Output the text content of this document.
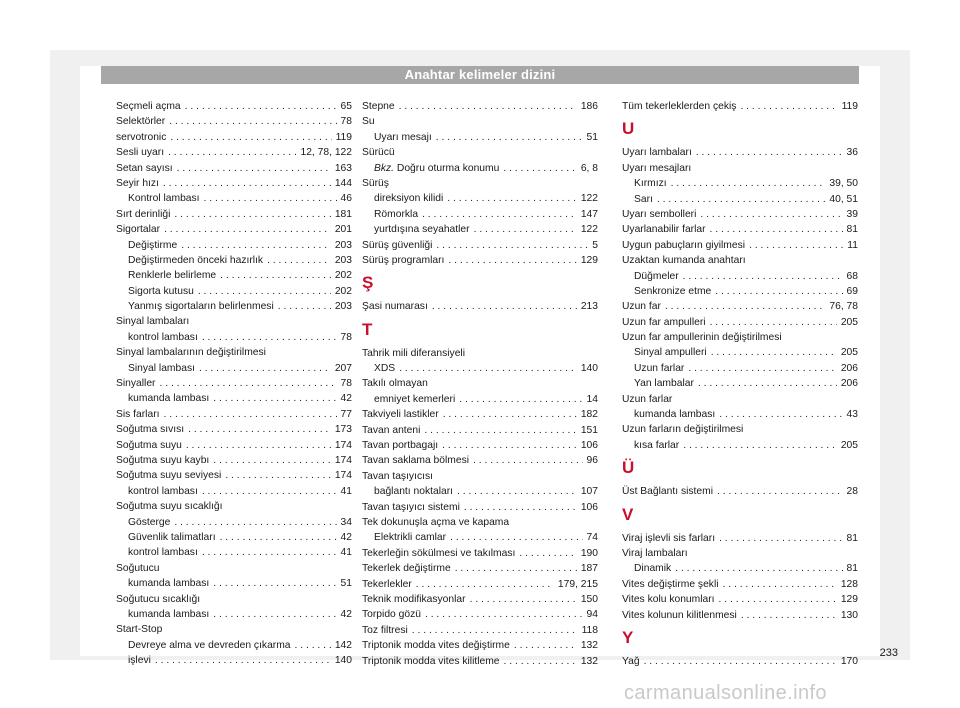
Anahtar kelimeler dizini
Seçmeli açma . . .	65
Selektörler . . .	78
servotronic . . .	119
Sesli uyarı . . .	12, 78, 122
Setan sayısı . . .	163
Seyir hızı . . .	144
Kontrol lambası . . .	46
Sırt derinliği . . .	181
Sigortalar . . .	201
Değiştirme . . .	203
Değiştirmeden önceki hazırlık . . .	203
Renklerle belirleme . . .	202
Sigorta kutusu . . .	202
Yanmış sigortaların belirlenmesi . . .	203
Sinyal lambaları
kontrol lambası . . .	78
Sinyal lambalarının değiştirilmesi
Sinyal lambası . . .	207
Sinyaller . . .	78
kumanda lambası . . .	42
Sis farları . . .	77
Soğutma sıvısı . . .	173
Soğutma suyu . . .	174
Soğutma suyu kaybı . . .	174
Soğutma suyu seviyesi . . .	174
kontrol lambası . . .	41
Soğutma suyu sıcaklığı
Gösterge . . .	34
Güvenlik talimatları . . .	42
kontrol lambası . . .	41
Soğutucu
kumanda lambası . . .	51
Soğutucu sıcaklığı
kumanda lambası . . .	42
Start-Stop
Devreye alma ve devreden çıkarma . . .	142
işlevi . . .	140
Stepne . . .	186
Su
Uyarı mesajı . . .	51
Sürücü
Bkz. Doğru oturma konumu . . .	6, 8
Sürüş
direksiyon kilidi . . .	122
Römorkla . . .	147
yurtdışına seyahatler . . .	122
Sürüş güvenliği . . .	5
Sürüş programları . . .	129
Ş
Şasi numarası . . .	213
T
Tahrik mili diferansiyeli
XDS . . .	140
Takılı olmayan
emniyet kemerleri . . .	14
Takviyeli lastikler . . .	182
Tavan anteni . . .	151
Tavan portbagajı . . .	106
Tavan saklama bölmesi . . .	96
Tavan taşıyıcısı
bağlantı noktaları . . .	107
Tavan taşıyıcı sistemi . . .	106
Tek dokunuşla açma ve kapama
Elektrikli camlar . . .	74
Tekerleğin sökülmesi ve takılması . . .	190
Tekerlek değiştirme . . .	187
Tekerlekler . . .	179, 215
Teknik modifikasyonlar . . .	150
Torpido gözü . . .	94
Toz filtresi . . .	118
Triptonik modda vites değiştirme . . .	132
Triptonik modda vites kilitleme . . .	132
Tüm tekerleklerden çekiş . . .	119
U
Uyarı lambaları . . .	36
Uyarı mesajları
Kırmızı . . .	39, 50
Sarı . . .	40, 51
Uyarı sembolleri . . .	39
Uyarlanabilir farlar . . .	81
Uygun pabuçların giyilmesi . . .	11
Uzaktan kumanda anahtarı
Düğmeler . . .	68
Senkronize etme . . .	69
Uzun far . . .	76, 78
Uzun far ampulleri . . .	205
Uzun far ampullerinin değiştirilmesi
Sinyal ampulleri . . .	205
Uzun farlar . . .	206
Yan lambalar . . .	206
Uzun farlar
kumanda lambası . . .	43
Uzun farların değiştirilmesi
kısa farlar . . .	205
Ü
Üst Bağlantı sistemi . . .	28
V
Viraj işlevli sis farları . . .	81
Viraj lambaları
Dinamik . . .	81
Vites değiştirme şekli . . .	128
Vites kolu konumları . . .	129
Vites kolunun kilitlenmesi . . .	130
Y
Yağ . . .	170
233
carmanualsonline.info
